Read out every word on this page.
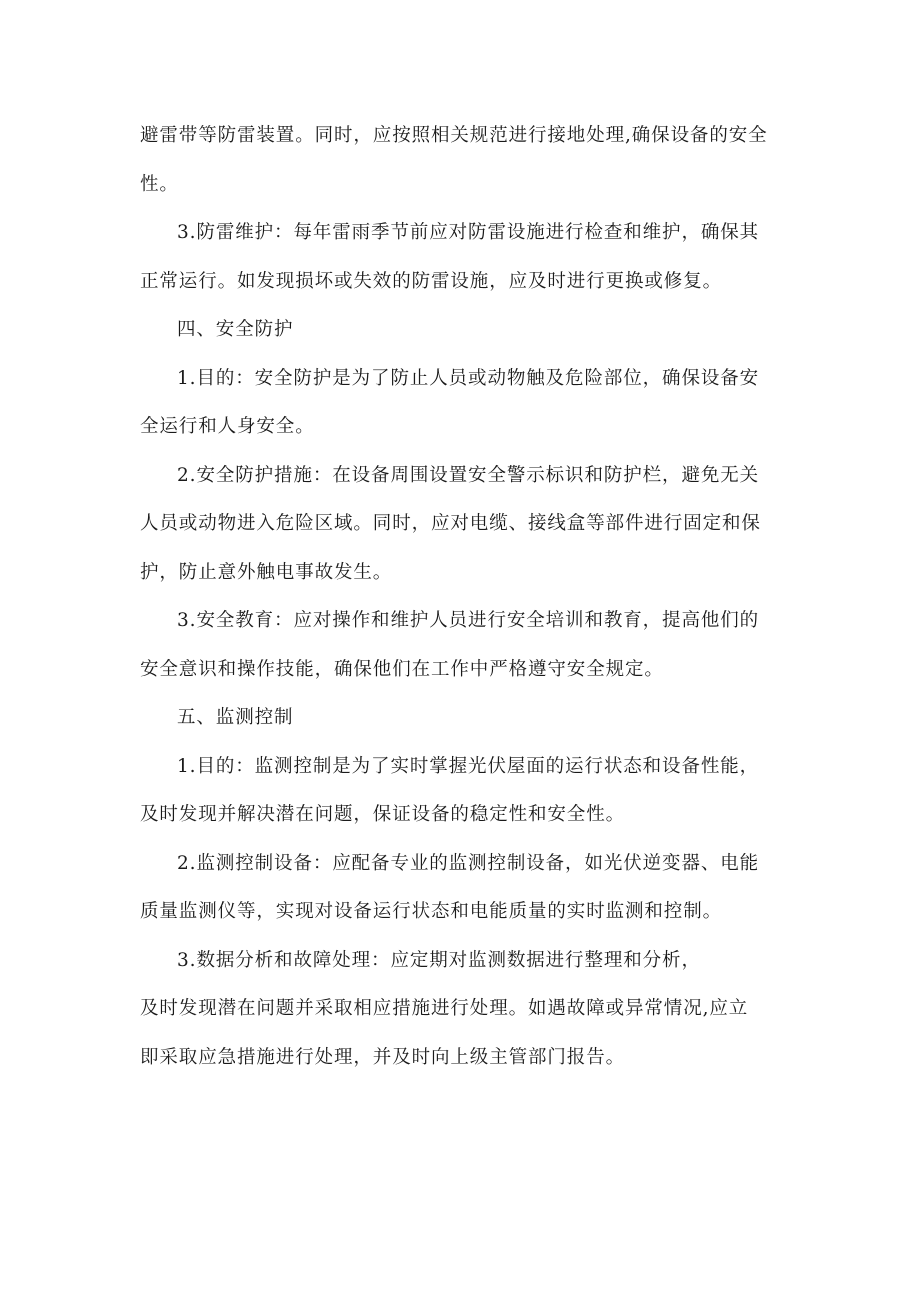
避雷带等防雷装置。同时，应按照相关规范进行接地处理,确保设备的安全
性。
3.防雷维护：每年雷雨季节前应对防雷设施进行检查和维护，确保其
正常运行。如发现损坏或失效的防雷设施，应及时进行更换或修复。
四、安全防护
1.目的：安全防护是为了防止人员或动物触及危险部位，确保设备安
全运行和人身安全。
2.安全防护措施：在设备周围设置安全警示标识和防护栏，避免无关
人员或动物进入危险区域。同时，应对电缆、接线盒等部件进行固定和保
护，防止意外触电事故发生。
3.安全教育：应对操作和维护人员进行安全培训和教育，提高他们的
安全意识和操作技能，确保他们在工作中严格遵守安全规定。
五、监测控制
1.目的：监测控制是为了实时掌握光伏屋面的运行状态和设备性能，
及时发现并解决潜在问题，保证设备的稳定性和安全性。
2.监测控制设备：应配备专业的监测控制设备，如光伏逆变器、电能
质量监测仪等，实现对设备运行状态和电能质量的实时监测和控制。
3.数据分析和故障处理：应定期对监测数据进行整理和分析，
及时发现潜在问题并采取相应措施进行处理。如遇故障或异常情况,应立
即采取应急措施进行处理，并及时向上级主管部门报告。
